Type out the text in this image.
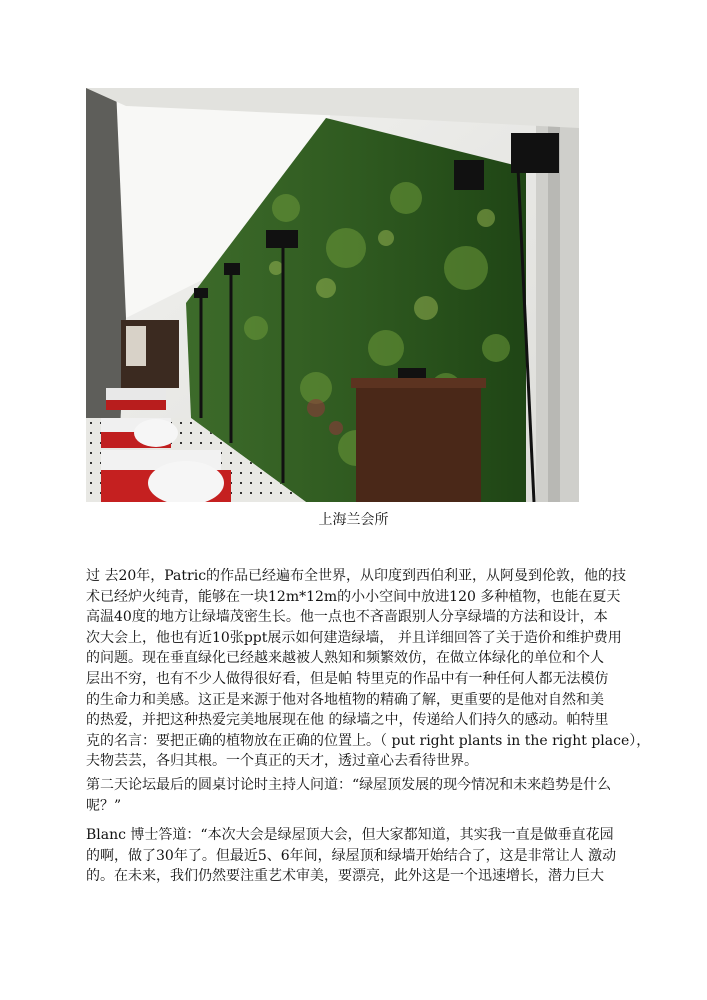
上海兰会所

过 去20年，Patric的作品已经遍布全世界，从印度到西伯利亚，从阿曼到伦敦，他的技
术已经炉火纯青，能够在一块12m*12m的小小空间中放进120 多种植物，也能在夏天
高温40度的地方让绿墙茂密生长。他一点也不吝啬跟别人分享绿墙的方法和设计，本
次大会上，他也有近10张ppt展示如何建造绿墙， 并且详细回答了关于造价和维护费用
的问题。现在垂直绿化已经越来越被人熟知和频繁效仿，在做立体绿化的单位和个人
层出不穷，也有不少人做得很好看，但是帕 特里克的作品中有一种任何人都无法模仿
的生命力和美感。这正是来源于他对各地植物的精确了解，更重要的是他对自然和美
的热爱，并把这种热爱完美地展现在他 的绿墙之中，传递给人们持久的感动。帕特里
克的名言：要把正确的植物放在正确的位置上。（ put right plants in the right place），
夫物芸芸，各归其根。一个真正的天才，透过童心去看待世界。

第二天论坛最后的圆桌讨论时主持人问道：“绿屋顶发展的现今情况和未来趋势是什么
呢？”

Blanc 博士答道：“本次大会是绿屋顶大会，但大家都知道，其实我一直是做垂直花园
的啊，做了30年了。但最近5、6年间，绿屋顶和绿墙开始结合了，这是非常让人 激动
的。在未来，我们仍然要注重艺术审美，要漂亮，此外这是一个迅速增长，潜力巨大
